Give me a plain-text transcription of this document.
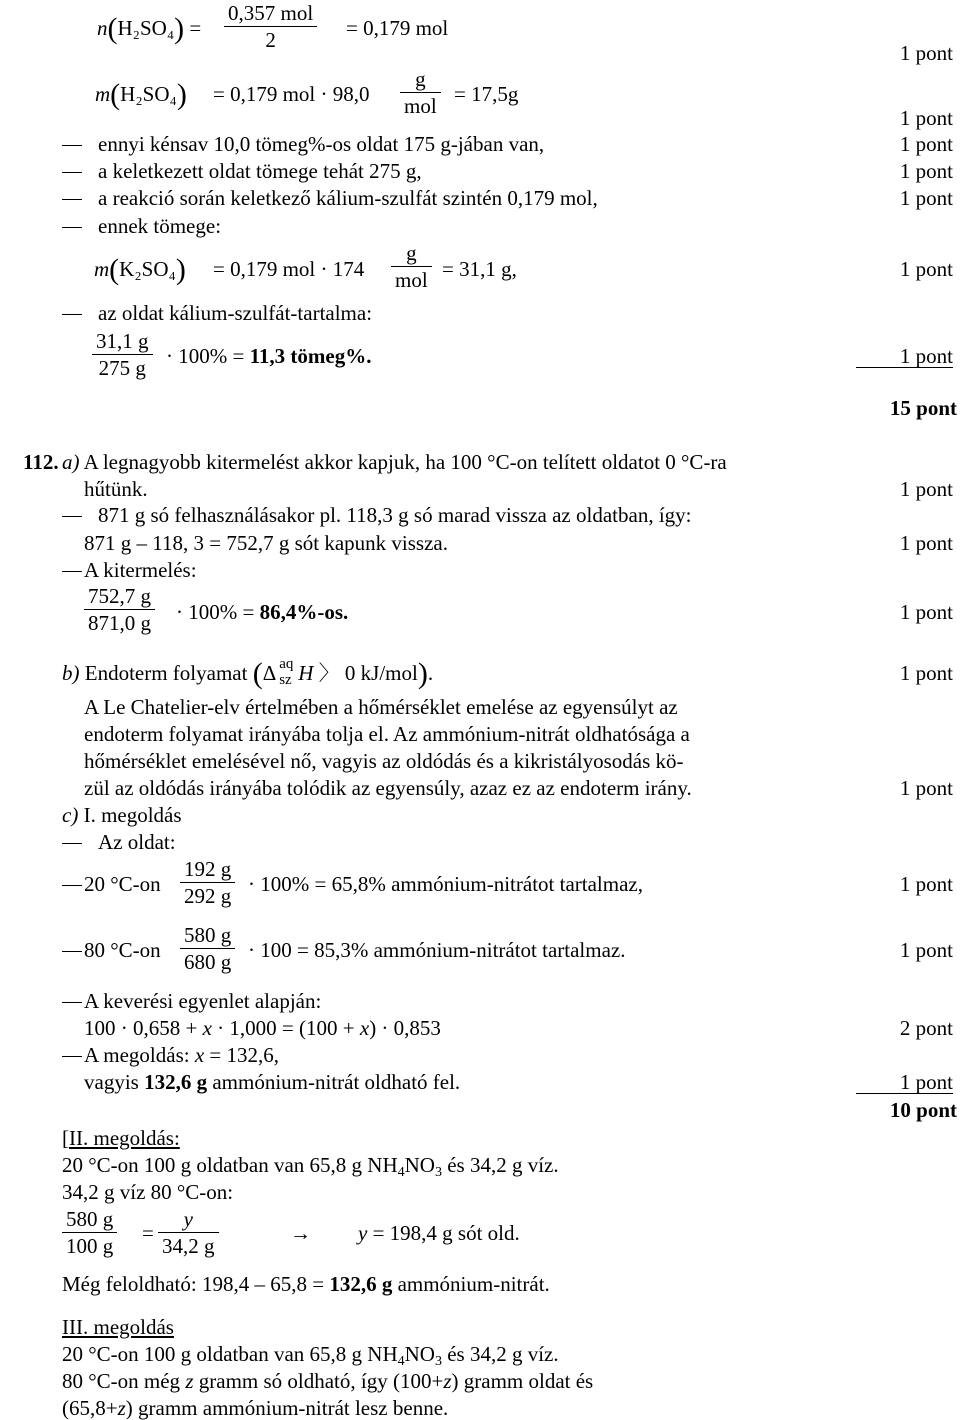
n(H₂SO₄) =
0,357 mol
2	= 0,179 mol
1 pont
m(H₂SO₄) = 0,179 mol · 98,0
g
mol = 17,5g
1 pont
ennyi kénsav 10,0 tömeg%-os oldat 175 g-jában van,	1 pont
a keletkezett oldat tömege tehát 275 g,	1 pont
a reakció során keletkező kálium-szulfát szintén 0,179 mol,	1 pont
ennek tömege:
m(K₂SO₄) = 0,179 mol · 174
g
mol = 31,1 g,	1 pont
az oldat kálium-szulfát-tartalma:
$\frac{31,1 g}{275 g} \cdot 100\% = 11,3$ tömeg%.	1 pont
15 pont
112. a) A legnagyobb kitermelést akkor kapjuk, ha 100 °C-on telített oldatot 0 °C-ra
hűtünk.	1 pont
871 g só felhasználásakor pl. 118,3 g só marad vissza az oldatban, így:
871 g – 118, 3 = 752,7 g sót kapunk vissza.	1 pont
A kitermelés:
$\frac{752,7 g}{871,0 g} \cdot 100\% = 86,4\%-os$.	1 pont
b) Endoterm folyamat (Δ aq
sz H 〉 0 kJ/mol).	1 pont
A Le Chatelier-elv értelmében a hőmérséklet emelése az egyensúlyt az
endoterm folyamat irányába tolja el. Az ammónium-nitrát oldhatósága a
hőmérséklet emelésével nő, vagyis az oldódás és a kikristályosodás kö-
zül az oldódás irányába tolódik az egyensúly, azaz ez az endoterm irány.	1 pont
c) I. megoldás
Az oldat:
20 $^\circ C-on \frac{192 g}{292 g} \cdot 100\% = 65,8\%$ ammónium-nitrátot tartalmaz,	1 pont
80 $^\circ C-on \frac{580 g}{680 g} \cdot 100 = 85,3\%$ ammónium-nitrátot tartalmaz.	1 pont
A keverési egyenlet alapján:
100 · 0,658 + x · 1,000 = (100 + x) · 0,853	2 pont
A megoldás: x = 132,6,
vagyis 132,6 g ammónium-nitrát oldható fel.	1 pont
10 pont
[II. megoldás:
20 °C-on 100 g oldatban van 65,8 g $NH_4NO_3$ és 34,2 g víz.
34,2 g víz 80 °C-on:
$\frac{580 g}{100 g} = \frac{y}{34,2 g}$	→ y = 198,4 g sót old.
Még feloldható: 198,4 – 65,8 = 132,6 g ammónium-nitrát.
III. megoldás
20 °C-on 100 g oldatban van 65,8 g $NH_4NO_3$ és 34,2 g víz.
80 °C-on még z gramm só oldható, így (100+z) gramm oldat és
(65,8+z) gramm ammónium-nitrát lesz benne.
